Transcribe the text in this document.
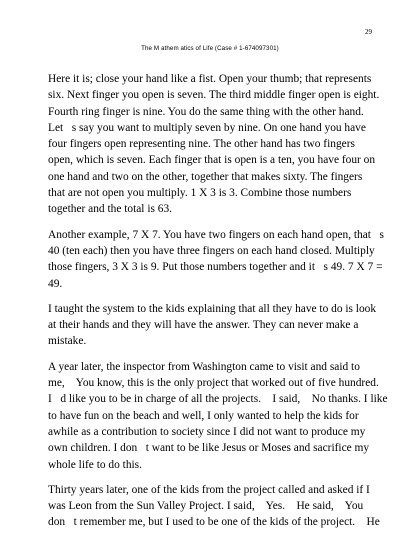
29
The M athem atics of Life (Case # 1-674097301)

Here it is; close your hand like a fist. Open your thumb; that represents
six. Next finger you open is seven. The third middle finger open is eight.
Fourth ring finger is nine. You do the same thing with the other hand.
Let   s say you want to multiply seven by nine. On one hand you have
four fingers open representing nine. The other hand has two fingers
open, which is seven. Each finger that is open is a ten, you have four on
one hand and two on the other, together that makes sixty. The fingers
that are not open you multiply. 1 X 3 is 3. Combine those numbers
together and the total is 63.

Another example, 7 X 7. You have two fingers on each hand open, that   s
40 (ten each) then you have three fingers on each hand closed. Multiply
those fingers, 3 X 3 is 9. Put those numbers together and it   s 49. 7 X 7 =
49.

I taught the system to the kids explaining that all they have to do is look
at their hands and they will have the answer. They can never make a
mistake.

A year later, the inspector from Washington came to visit and said to
me,    You know, this is the only project that worked out of five hundred.
I   d like you to be in charge of all the projects.    I said,    No thanks. I like
to have fun on the beach and well, I only wanted to help the kids for
awhile as a contribution to society since I did not want to produce my
own children. I don   t want to be like Jesus or Moses and sacrifice my
whole life to do this.

Thirty years later, one of the kids from the project called and asked if I
was Leon from the Sun Valley Project. I said,    Yes.    He said,    You
don   t remember me, but I used to be one of the kids of the project.    He
